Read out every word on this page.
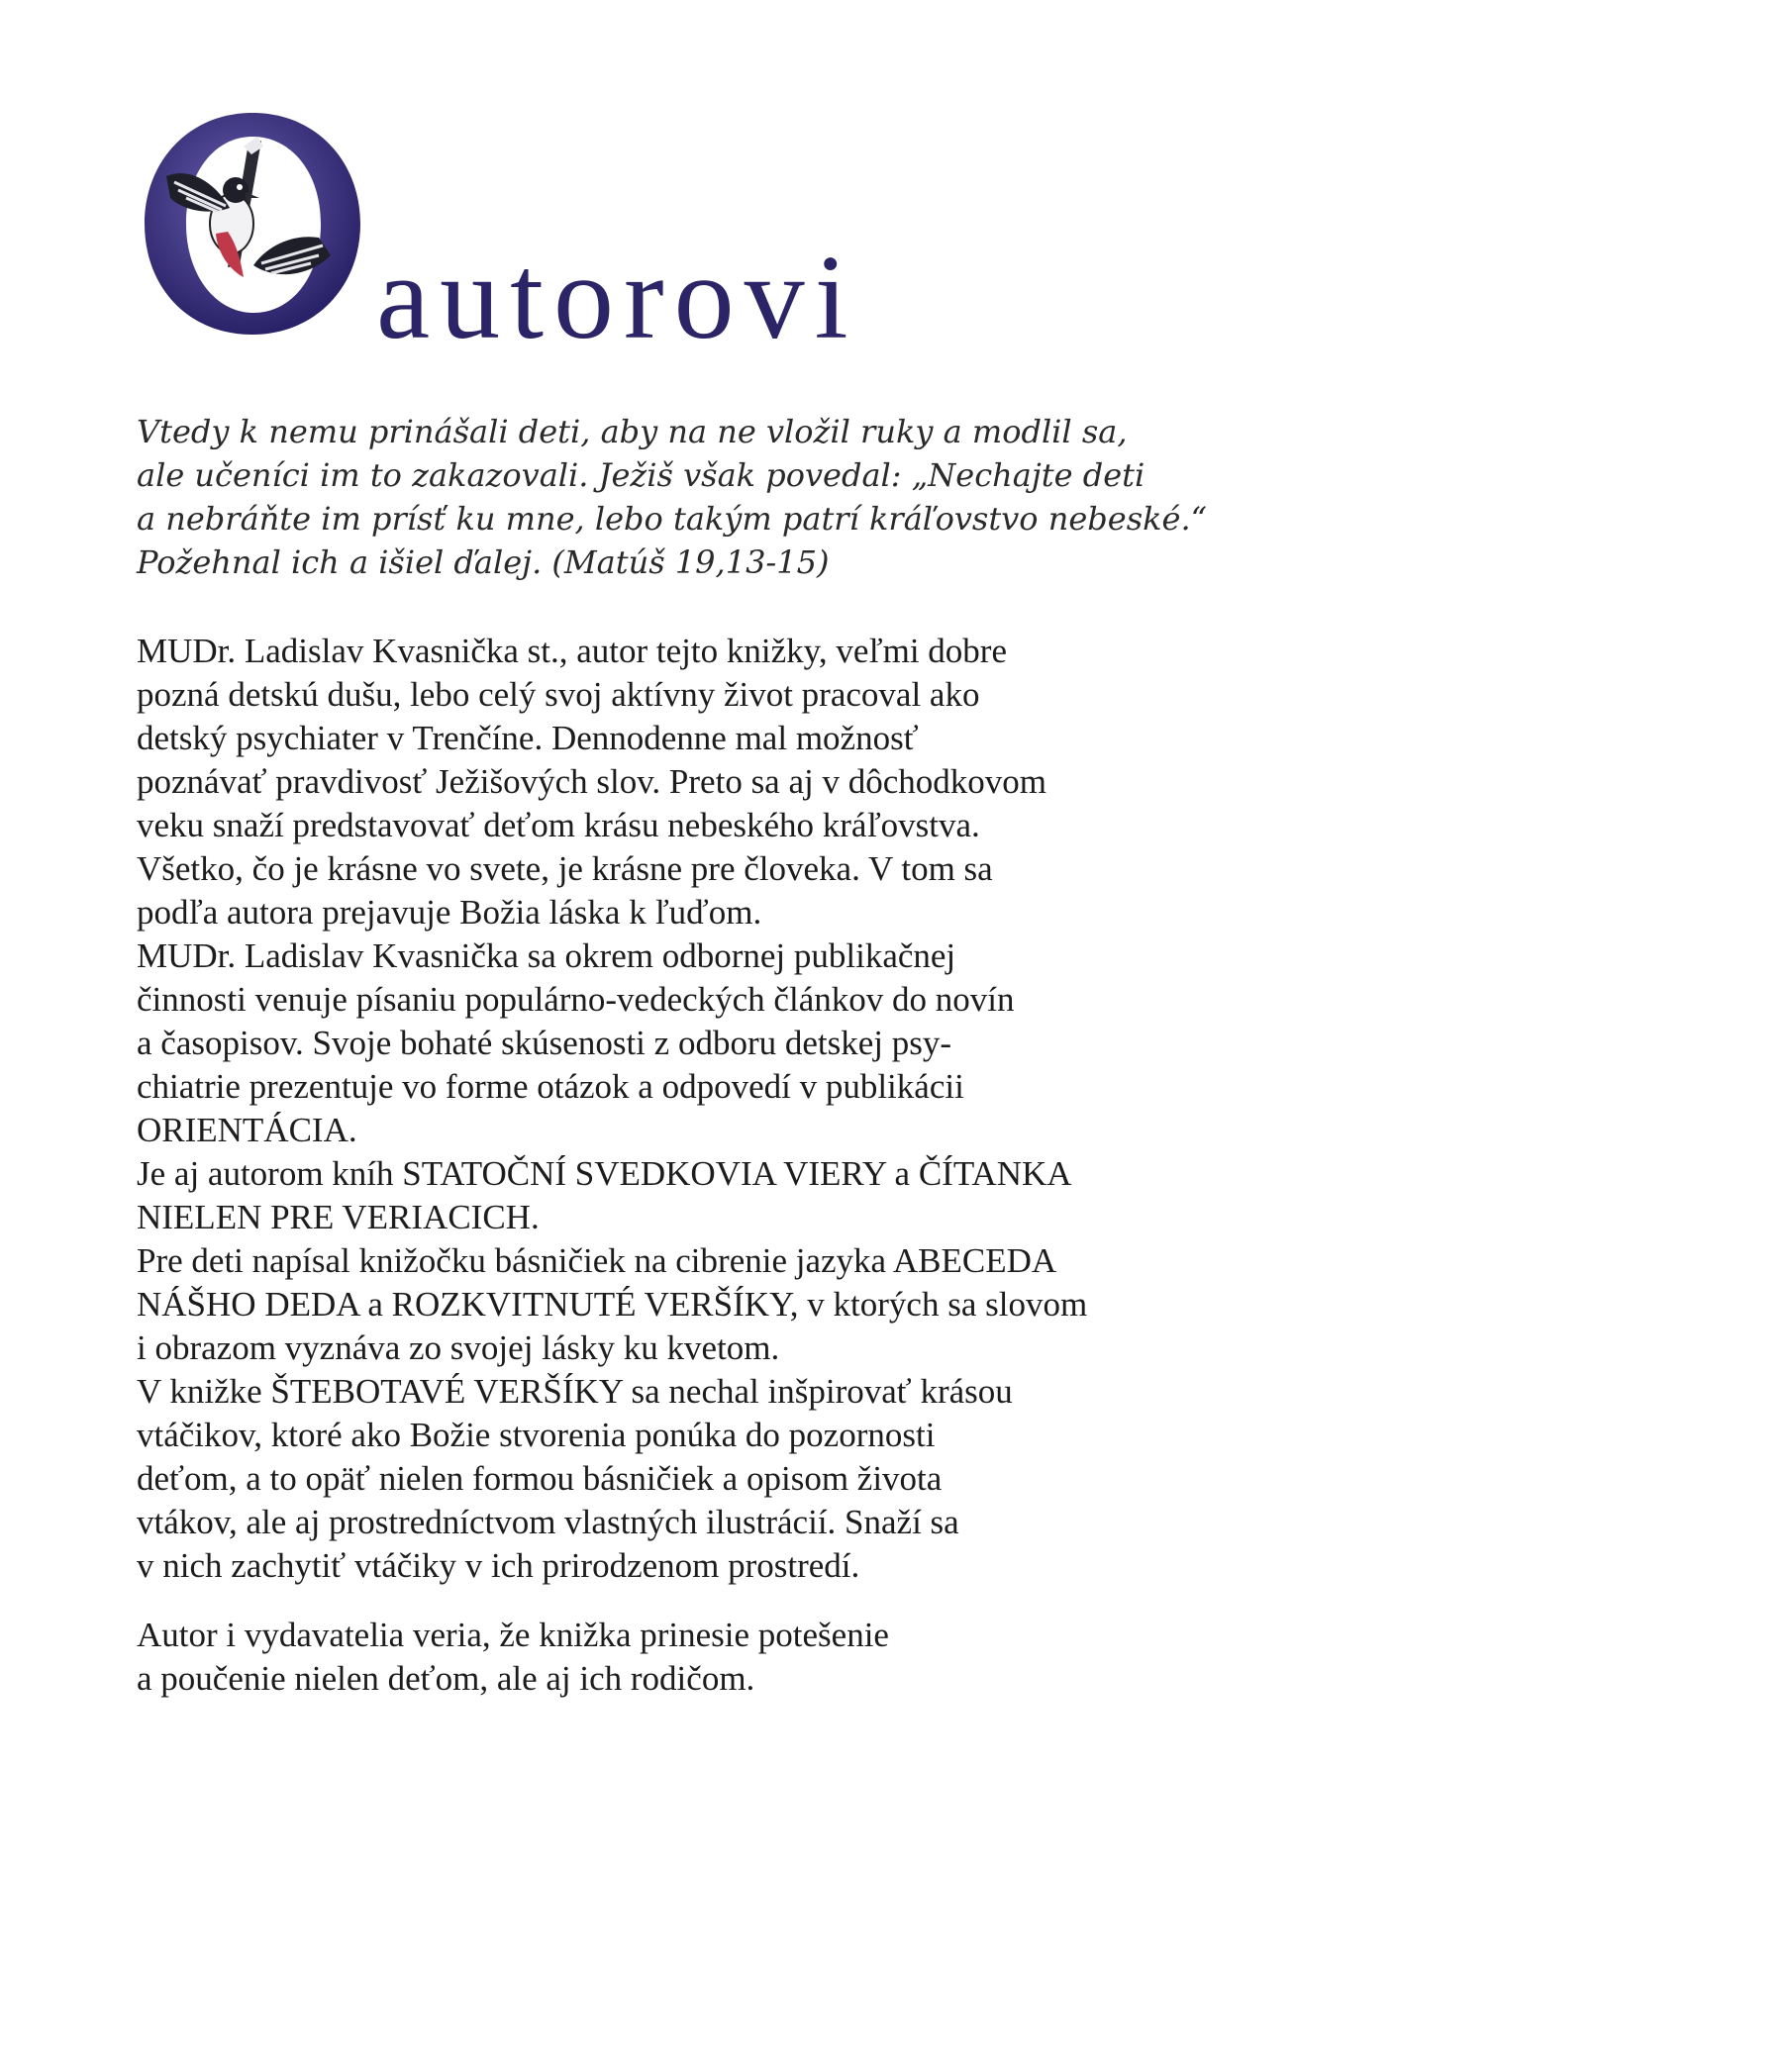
autorovi

Vtedy k nemu prinášali deti, aby na ne vložil ruky a modlil sa,
ale učeníci im to zakazovali. Ježiš však povedal: „Nechajte deti
a nebráňte im prísť ku mne, lebo takým patrí kráľovstvo nebeské.“
Požehnal ich a išiel ďalej. (Matúš 19,13-15)

MUDr. Ladislav Kvasnička st., autor tejto knižky, veľmi dobre
pozná detskú dušu, lebo celý svoj aktívny život pracoval ako
detský psychiater v Trenčíne. Dennodenne mal možnosť
poznávať pravdivosť Ježišových slov. Preto sa aj v dôchodkovom
veku snaží predstavovať deťom krásu nebeského kráľovstva.
Všetko, čo je krásne vo svete, je krásne pre človeka. V tom sa
podľa autora prejavuje Božia láska k ľuďom.
MUDr. Ladislav Kvasnička sa okrem odbornej publikačnej
činnosti venuje písaniu populárno-vedeckých článkov do novín
a časopisov. Svoje bohaté skúsenosti z odboru detskej psy-
chiatrie prezentuje vo forme otázok a odpovedí v publikácii
ORIENTÁCIA.
Je aj autorom kníh STATOČNÍ SVEDKOVIA VIERY a ČÍTANKA
NIELEN PRE VERIACICH.
Pre deti napísal knižočku básničiek na cibrenie jazyka ABECEDA
NÁŠHO DEDA a ROZKVITNUTÉ VERŠÍKY, v ktorých sa slovom
i obrazom vyznáva zo svojej lásky ku kvetom.
V knižke ŠTEBOTAVÉ VERŠÍKY sa nechal inšpirovať krásou
vtáčikov, ktoré ako Božie stvorenia ponúka do pozornosti
deťom, a to opäť nielen formou básničiek a opisom života
vtákov, ale aj prostredníctvom vlastných ilustrácií. Snaží sa
v nich zachytiť vtáčiky v ich prirodzenom prostredí.

Autor i vydavatelia veria, že knižka prinesie potešenie
a poučenie nielen deťom, ale aj ich rodičom.
